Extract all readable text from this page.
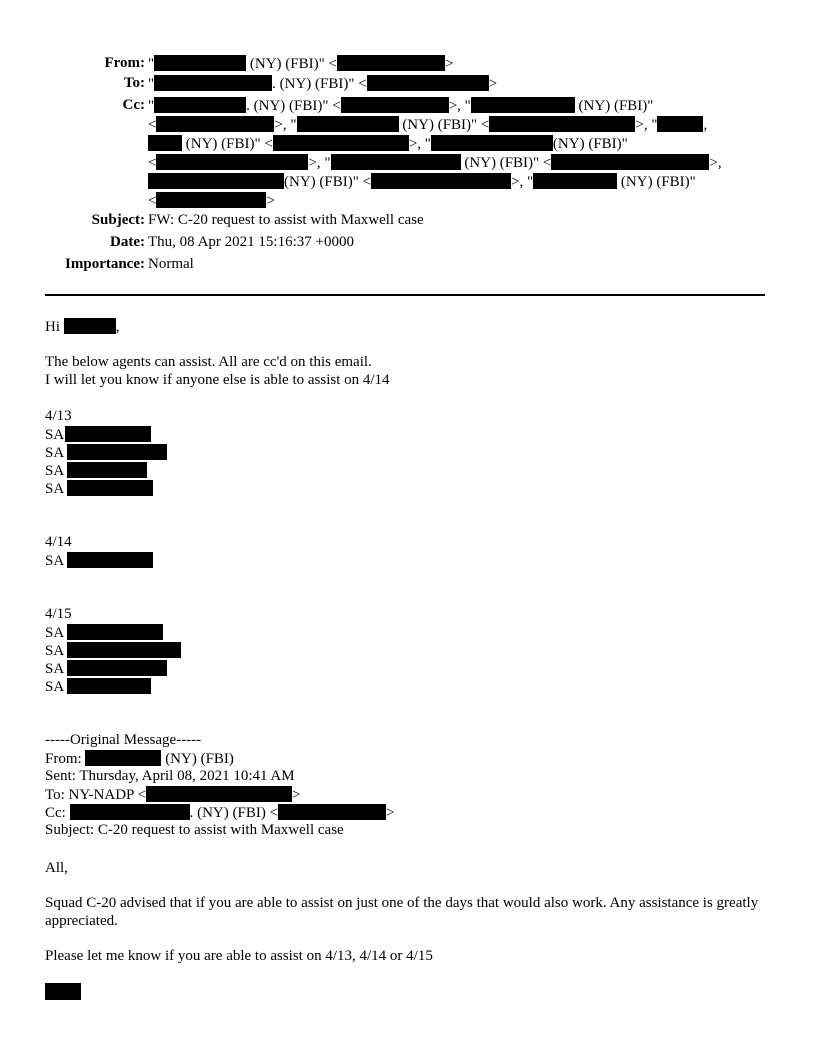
From: "	(NY) (FBI)" <	>
To: "	. (NY) (FBI)" <	>
Cc: "	. (NY) (FBI)" <	>, "	(NY) (FBI)"
<	>, "	(NY) (FBI)" <	>, "	,
(NY) (FBI)" <	>, "	(NY) (FBI)"
<	>, "	(NY) (FBI)" <	>,
(NY) (FBI)" <	>, "	(NY) (FBI)"
<	>
Subject: FW: C-20 request to assist with Maxwell case
Date: Thu, 08 Apr 2021 15:16:37 +0000
Importance: Normal
Hi	,
The below agents can assist. All are cc'd on this email.
I will let you know if anyone else is able to assist on 4/14
4/13
SA
SA
SA
SA
4/14
SA
4/15
SA
SA
SA
SA
-----Original Message-----
From:	(NY) (FBI)
Sent: Thursday, April 08, 2021 10:41 AM
To: NY-NADP <	>
Cc:	. (NY) (FBI) <	>
Subject: C-20 request to assist with Maxwell case
All,
Squad C-20 advised that if you are able to assist on just one of the days that would also work. Any assistance is greatly appreciated.
Please let me know if you are able to assist on 4/13, 4/14 or 4/15
